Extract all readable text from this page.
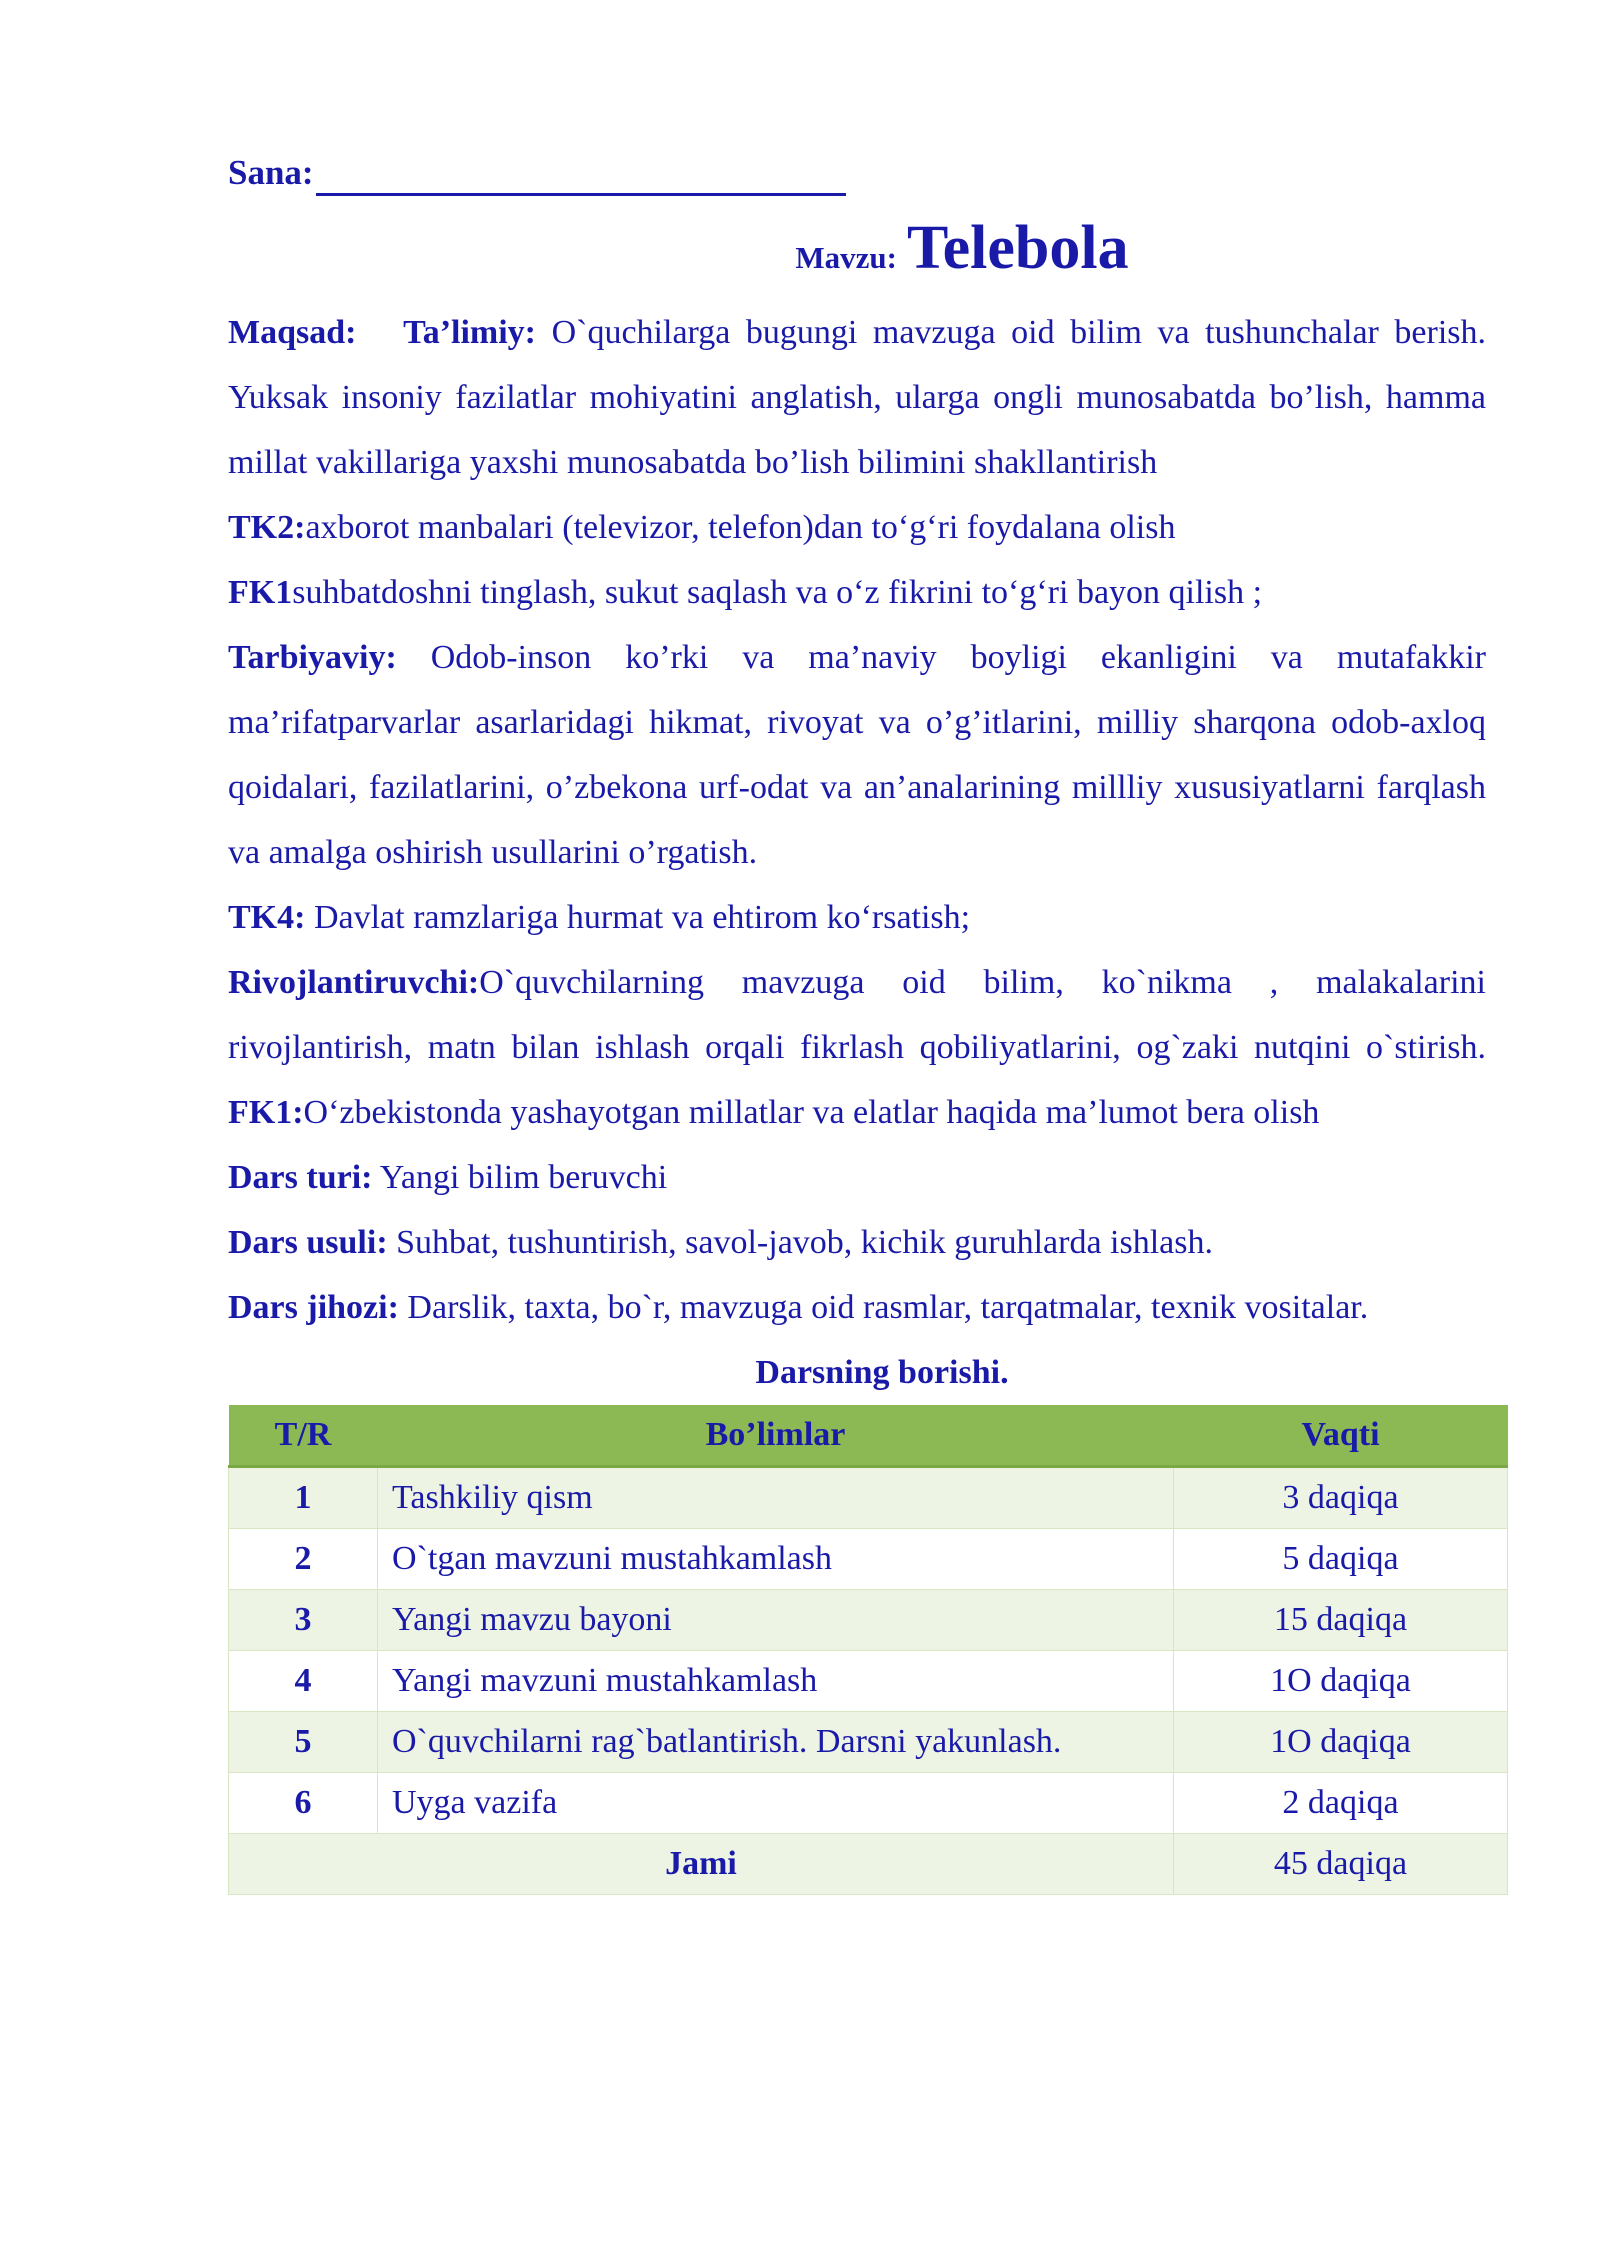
Sana:
Mavzu: Telebola

Maqsad: Ta’limiy: O`quchilarga bugungi mavzuga oid bilim va tushunchalar berish. Yuksak insoniy fazilatlar mohiyatini anglatish, ularga ongli munosabatda bo’lish, hamma millat vakillariga yaxshi munosabatda bo’lish bilimini shakllantirish

TK2:axborot manbalari (televizor, telefon)dan to‘g‘ri foydalana olish

FK1suhbatdoshni tinglash, sukut saqlash va o‘z fikrini to‘g‘ri bayon qilish ;

Tarbiyaviy: Odob-inson ko’rki va ma’naviy boyligi ekanligini va mutafakkir ma’rifatparvarlar asarlaridagi hikmat, rivoyat va o’g’itlarini, milliy sharqona odob-axloq qoidalari, fazilatlarini, o’zbekona urf-odat va an’analarining millliy xususiyatlarni farqlash va amalga oshirish usullarini o’rgatish.

TK4: Davlat ramzlariga hurmat va ehtirom ko‘rsatish;

Rivojlantiruvchi:O`quvchilarning mavzuga oid bilim, ko`nikma , malakalarini rivojlantirish, matn bilan ishlash orqali fikrlash qobiliyatlarini, og`zaki nutqini o`stirish. FK1:O‘zbekistonda yashayotgan millatlar va elatlar haqida ma’lumot bera olish

Dars turi: Yangi bilim beruvchi

Dars usuli: Suhbat, tushuntirish, savol-javob, kichik guruhlarda ishlash.

Dars jihozi: Darslik, taxta, bo`r, mavzuga oid rasmlar, tarqatmalar, texnik vositalar.

Darsning borishi.
T/R	Bo’limlar	Vaqti
1	Tashkiliy qism	3 daqiqa
2	O`tgan mavzuni mustahkamlash	5 daqiqa
3	Yangi mavzu bayoni	15 daqiqa
4	Yangi mavzuni mustahkamlash	1O daqiqa
5	O`quvchilarni rag`batlantirish. Darsni yakunlash.	1O daqiqa
6	Uyga vazifa	2 daqiqa
Jami		45 daqiqa
